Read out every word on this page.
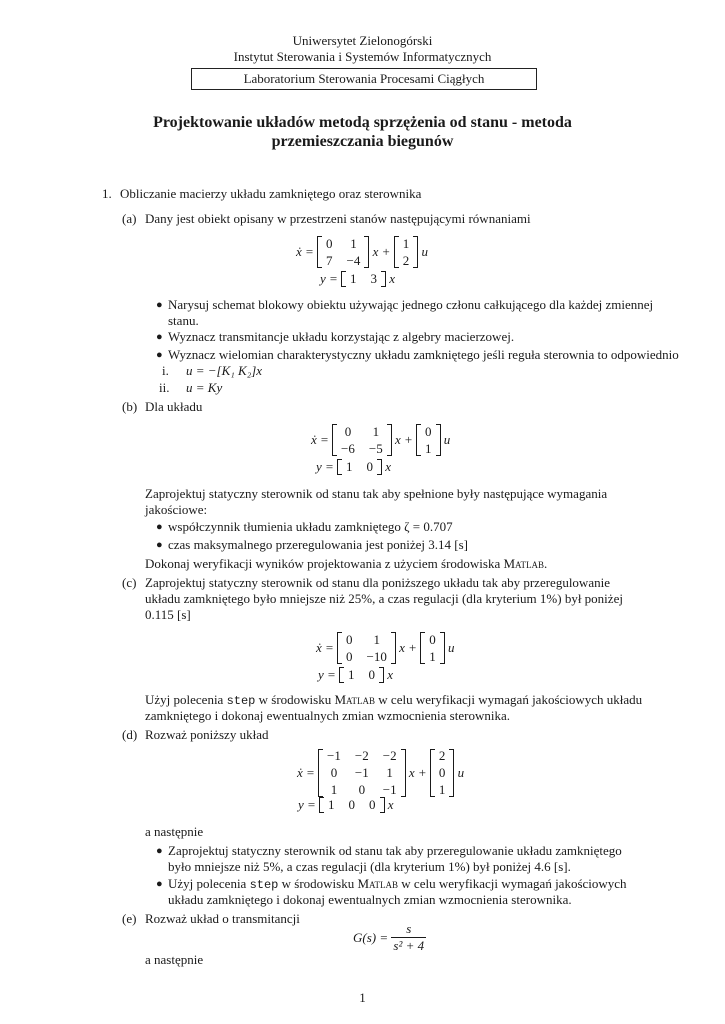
Uniwersytet Zielonogórski
Instytut Sterowania i Systemów Informatycznych
Laboratorium Sterowania Procesami Ciągłych
Projektowanie układów metodą sprzężenia od stanu - metoda
przemieszczania biegunów
1. Obliczanie macierzy układu zamkniętego oraz sterownika
(a) Dany jest obiekt opisany w przestrzeni stanów następującymi równaniami
ẋ =

0 1
7 −4

x +

1
2

u
y =
1 3
x
● Narysuj schemat blokowy obiektu używając jednego członu całkującego dla każdej zmiennej
stanu.
● Wyznacz transmitancje układu korzystając z algebry macierzowej.
● Wyznacz wielomian charakterystyczny układu zamkniętego jeśli reguła sterownia to odpowiednio
i. u = −[K₁ K₂]x
ii. u = Ky
(b) Dla układu
ẋ =

0 1
−6 −5

x +

0
1

u
y =
1 0
x
Zaprojektuj statyczny sterownik od stanu tak aby spełnione były następujące wymagania
jakościowe:
● współczynnik tłumienia układu zamkniętego ζ = 0.707
● czas maksymalnego przeregulowania jest poniżej 3.14 [s]
Dokonaj weryfikacji wyników projektowania z użyciem środowiska Matlab.
(c) Zaprojektuj statyczny sterownik od stanu dla poniższego układu tak aby przeregulowanie
układu zamkniętego było mniejsze niż 25%, a czas regulacji (dla kryterium 1%) był poniżej
0.115 [s]
ẋ =

0	1
0 −10

x +

0
1

u
y =
1 0
x
Użyj polecenia step w środowisku Matlab w celu weryfikacji wymagań jakościowych układu
zamkniętego i dokonaj ewentualnych zmian wzmocnienia sterownika.
(d) Rozważ poniższy układ
ẋ =

−1 −2 −2
0 −1 1
1 0 −1

x +

2
0
1

u
y =
1 0 0
x
a następnie
● Zaprojektuj statyczny sterownik od stanu tak aby przeregulowanie układu zamkniętego
było mniejsze niż 5%, a czas regulacji (dla kryterium 1%) był poniżej 4.6 [s].
● Użyj polecenia step w środowisku Matlab w celu weryfikacji wymagań jakościowych
układu zamkniętego i dokonaj ewentualnych zmian wzmocnienia sterownika.
(e) Rozważ układ o transmitancji
G(s) =
$\frac{s}{\text{s² + 4}}$
a następnie
1
